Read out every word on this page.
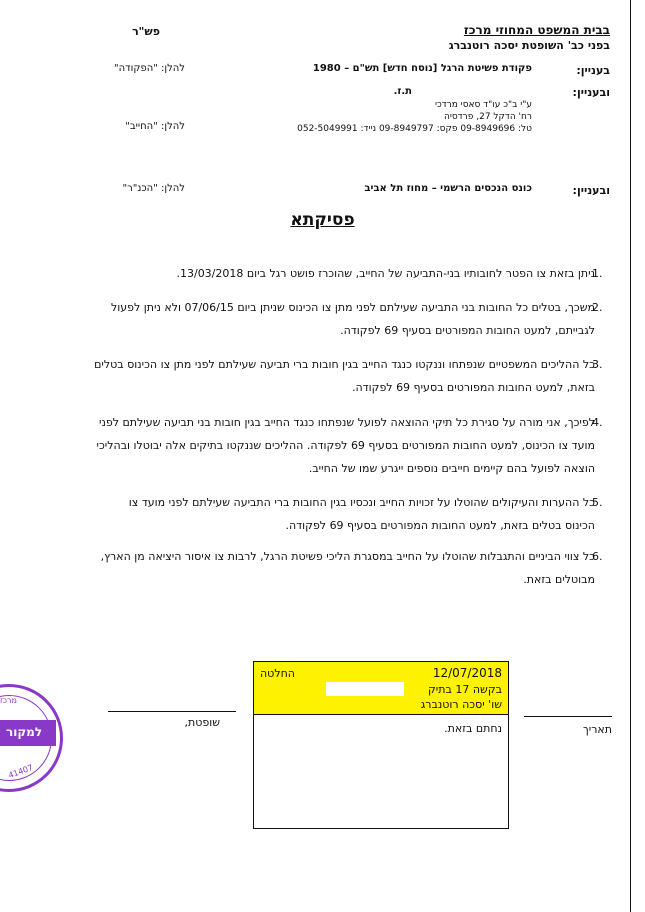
בבית המשפט המחוזי מרכז
בפני כב' השופטת יסכה רוטנברג
פש"ר
בעניין:
פקודת פשיטת הרגל [נוסח חדש] תש"ם – 1980
להלן: "הפקודה"
ובעניין:
ת.ז.
ע"י ב"כ עו"ד סאסי מרדכי
רח' הדקל 27, פרדסיה
טל: 09-8949696 פקס: 09-8949797 נייד: 052-5049991
להלן: "החייב"
ובעניין:
כונס הנכסים הרשמי – מחוז תל אביב
להלן: "הכנ"ר"
פסיקתא
1.
ניתן בזאת צו הפטר לחובותיו בני-התביעה של החייב, שהוכרז פושט רגל ביום 13/03/2018.
2.
משכך, בטלים כל החובות בני התביעה שעילתם לפני מתן צו הכינוס שניתן ביום 07/06/15 ולא ניתן לפעול
לגבייתם, למעט החובות המפורטים בסעיף 69 לפקודה.
3.
כל ההליכים המשפטיים שנפתחו וננקטו כנגד החייב בגין חובות ברי תביעה שעילתם לפני מתן צו הכינוס בטלים
בזאת, למעט החובות המפורטים בסעיף 69 לפקודה.
4.
לפיכך, אני מורה על סגירת כל תיקי ההוצאה לפועל שנפתחו כנגד החייב בגין חובות בני תביעה שעילתם לפני
מועד צו הכינוס, למעט החובות המפורטים בסעיף 69 לפקודה. ההליכים שננקטו בתיקים אלה יבוטלו ובהליכי
הוצאה לפועל בהם קיימים חייבים נוספים ייגרע שמו של החייב.
5.
כל ההערות והעיקולים שהוטלו על זכויות החייב ונכסיו בגין החובות ברי התביעה שעילתם לפני מועד צו
הכינוס בטלים בזאת, למעט החובות המפורטים בסעיף 69 לפקודה.
6.
כל צווי הביניים והתגבלות שהוטלו על החייב במסגרת הליכי פשיטת הרגל, לרבות צו איסור היציאה מן הארץ,
מבוטלים בזאת.
12/07/2018
החלטה
בקשה 17 בתיק
שו' יסכה רוטנברג
נחתם בזאת.	תאריך
שופטת,
מרכז
למקור
41407
